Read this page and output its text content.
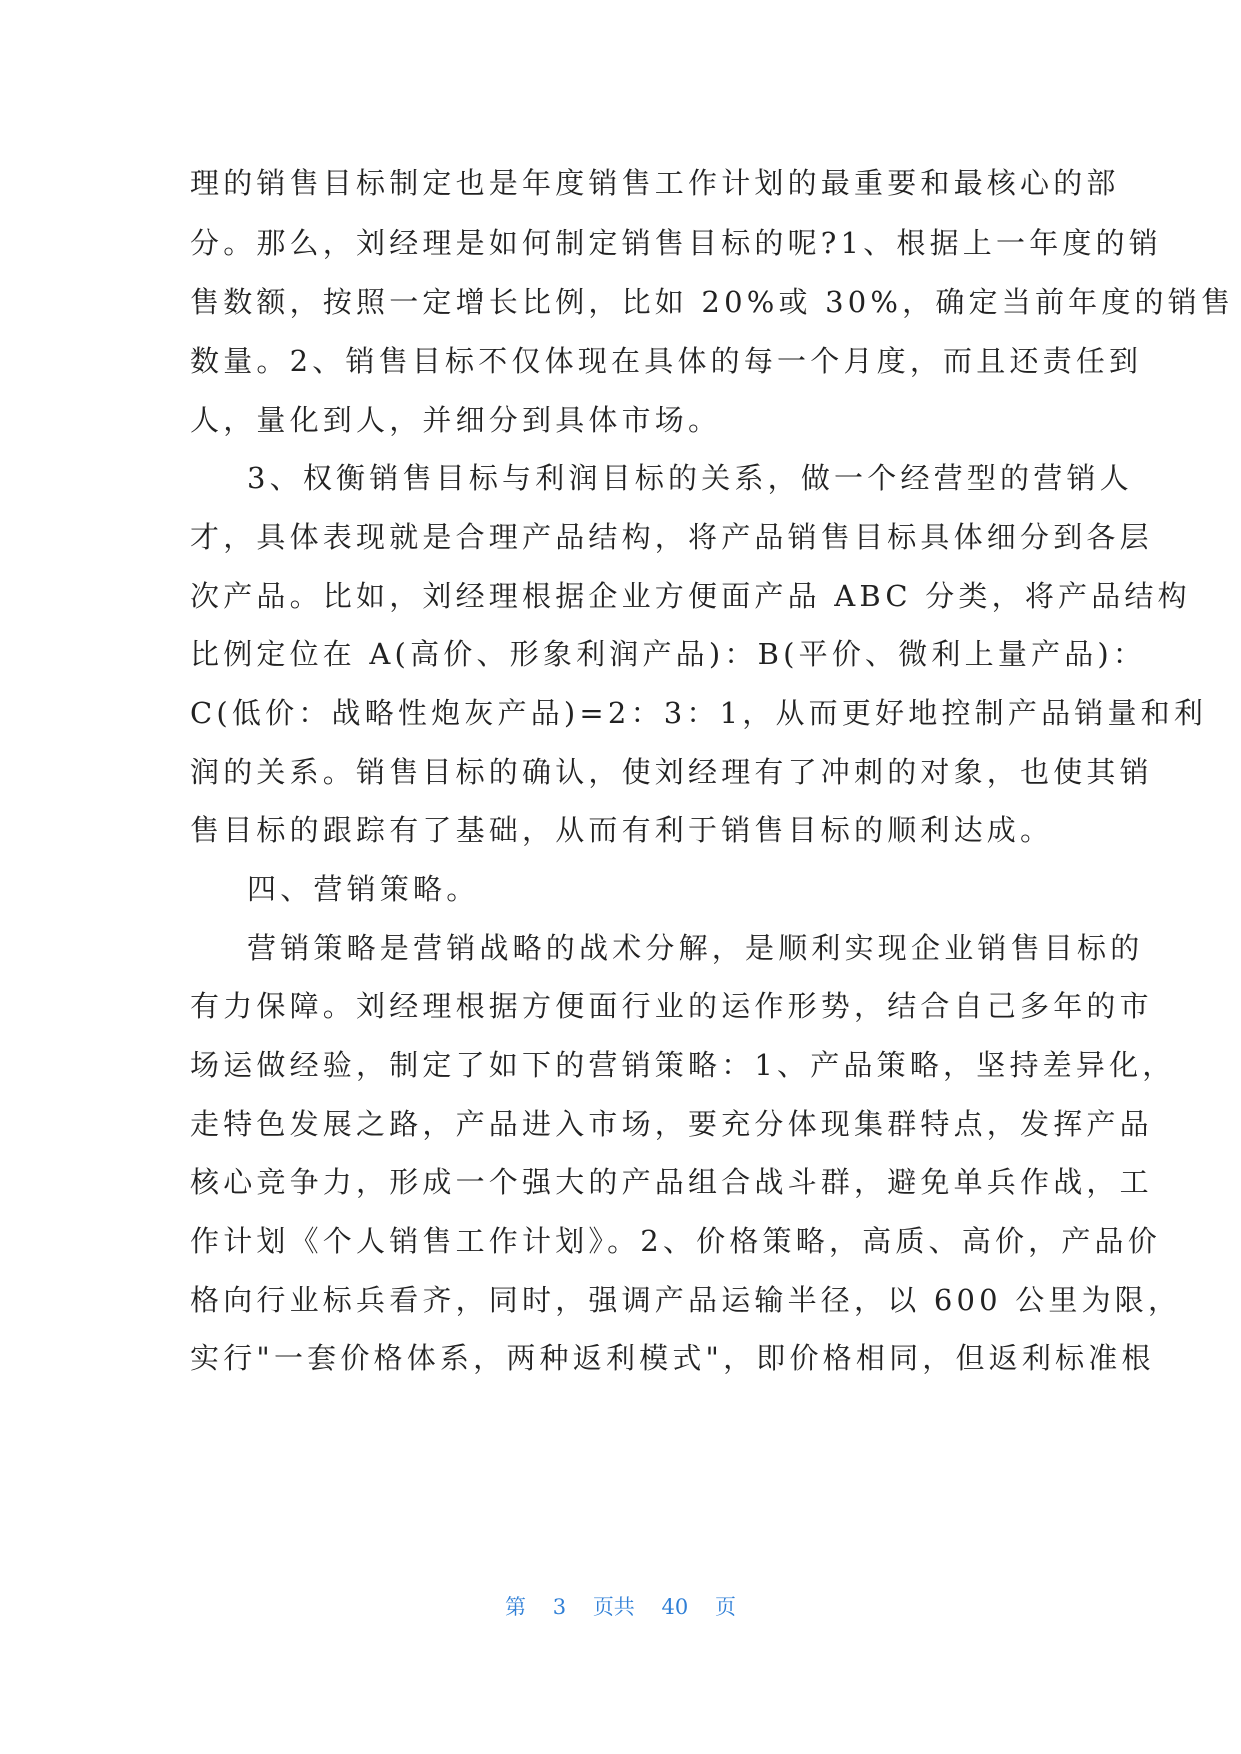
理的销售目标制定也是年度销售工作计划的最重要和最核心的部
分。那么，刘经理是如何制定销售目标的呢?1、根据上一年度的销
售数额，按照一定增长比例，比如 20%或 30%，确定当前年度的销售
数量。2、销售目标不仅体现在具体的每一个月度，而且还责任到
人，量化到人，并细分到具体市场。
3、权衡销售目标与利润目标的关系，做一个经营型的营销人
才，具体表现就是合理产品结构，将产品销售目标具体细分到各层
次产品。比如，刘经理根据企业方便面产品 ABC 分类，将产品结构
比例定位在 A(高价、形象利润产品)：B(平价、微利上量产品)：
C(低价：战略性炮灰产品)=2：3：1，从而更好地控制产品销量和利
润的关系。销售目标的确认，使刘经理有了冲刺的对象，也使其销
售目标的跟踪有了基础，从而有利于销售目标的顺利达成。
四、营销策略。
营销策略是营销战略的战术分解，是顺利实现企业销售目标的
有力保障。刘经理根据方便面行业的运作形势，结合自己多年的市
场运做经验，制定了如下的营销策略：1、产品策略，坚持差异化，
走特色发展之路，产品进入市场，要充分体现集群特点，发挥产品
核心竞争力，形成一个强大的产品组合战斗群，避免单兵作战，工
作计划《个人销售工作计划》。2、价格策略，高质、高价，产品价
格向行业标兵看齐，同时，强调产品运输半径，以 600 公里为限，
实行"一套价格体系，两种返利模式"，即价格相同，但返利标准根
第 3 页共 40 页
